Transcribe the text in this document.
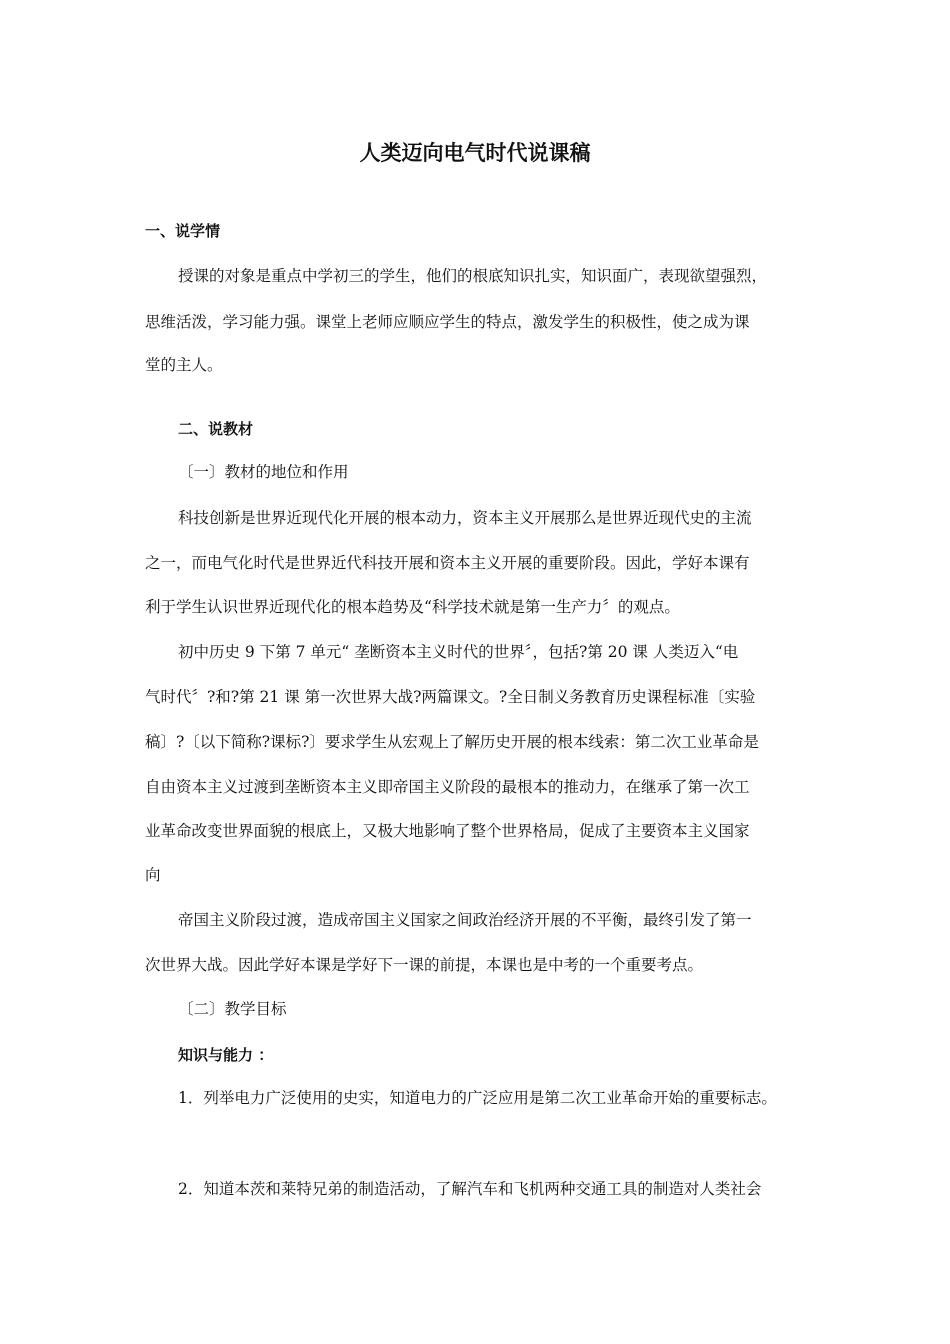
人类迈向电气时代说课稿
一、说学情
授课的对象是重点中学初三的学生，他们的根底知识扎实，知识面广，表现欲望强烈，
思维活泼，学习能力强。课堂上老师应顺应学生的特点，激发学生的积极性，使之成为课
堂的主人。
二、说教材
〔一〕教材的地位和作用
科技创新是世界近现代化开展的根本动力，资本主义开展那么是世界近现代史的主流
之一，而电气化时代是世界近代科技开展和资本主义开展的重要阶段。因此，学好本课有
利于学生认识世界近现代化的根本趋势及“科学技术就是第一生产力〞的观点。
初中历史 9 下第 7 单元“ 垄断资本主义时代的世界〞，包括?第 20 课 人类迈入“电
气时代〞?和?第 21 课 第一次世界大战?两篇课文。?全日制义务教育历史课程标准〔实验
稿〕?〔以下简称?课标?〕要求学生从宏观上了解历史开展的根本线索：第二次工业革命是
自由资本主义过渡到垄断资本主义即帝国主义阶段的最根本的推动力，在继承了第一次工
业革命改变世界面貌的根底上，又极大地影响了整个世界格局，促成了主要资本主义国家
向
帝国主义阶段过渡，造成帝国主义国家之间政治经济开展的不平衡，最终引发了第一
次世界大战。因此学好本课是学好下一课的前提，本课也是中考的一个重要考点。
〔二〕教学目标
知识与能力 ：
1．列举电力广泛使用的史实，知道电力的广泛应用是第二次工业革命开始的重要标志。
2．知道本茨和莱特兄弟的制造活动，了解汽车和飞机两种交通工具的制造对人类社会
